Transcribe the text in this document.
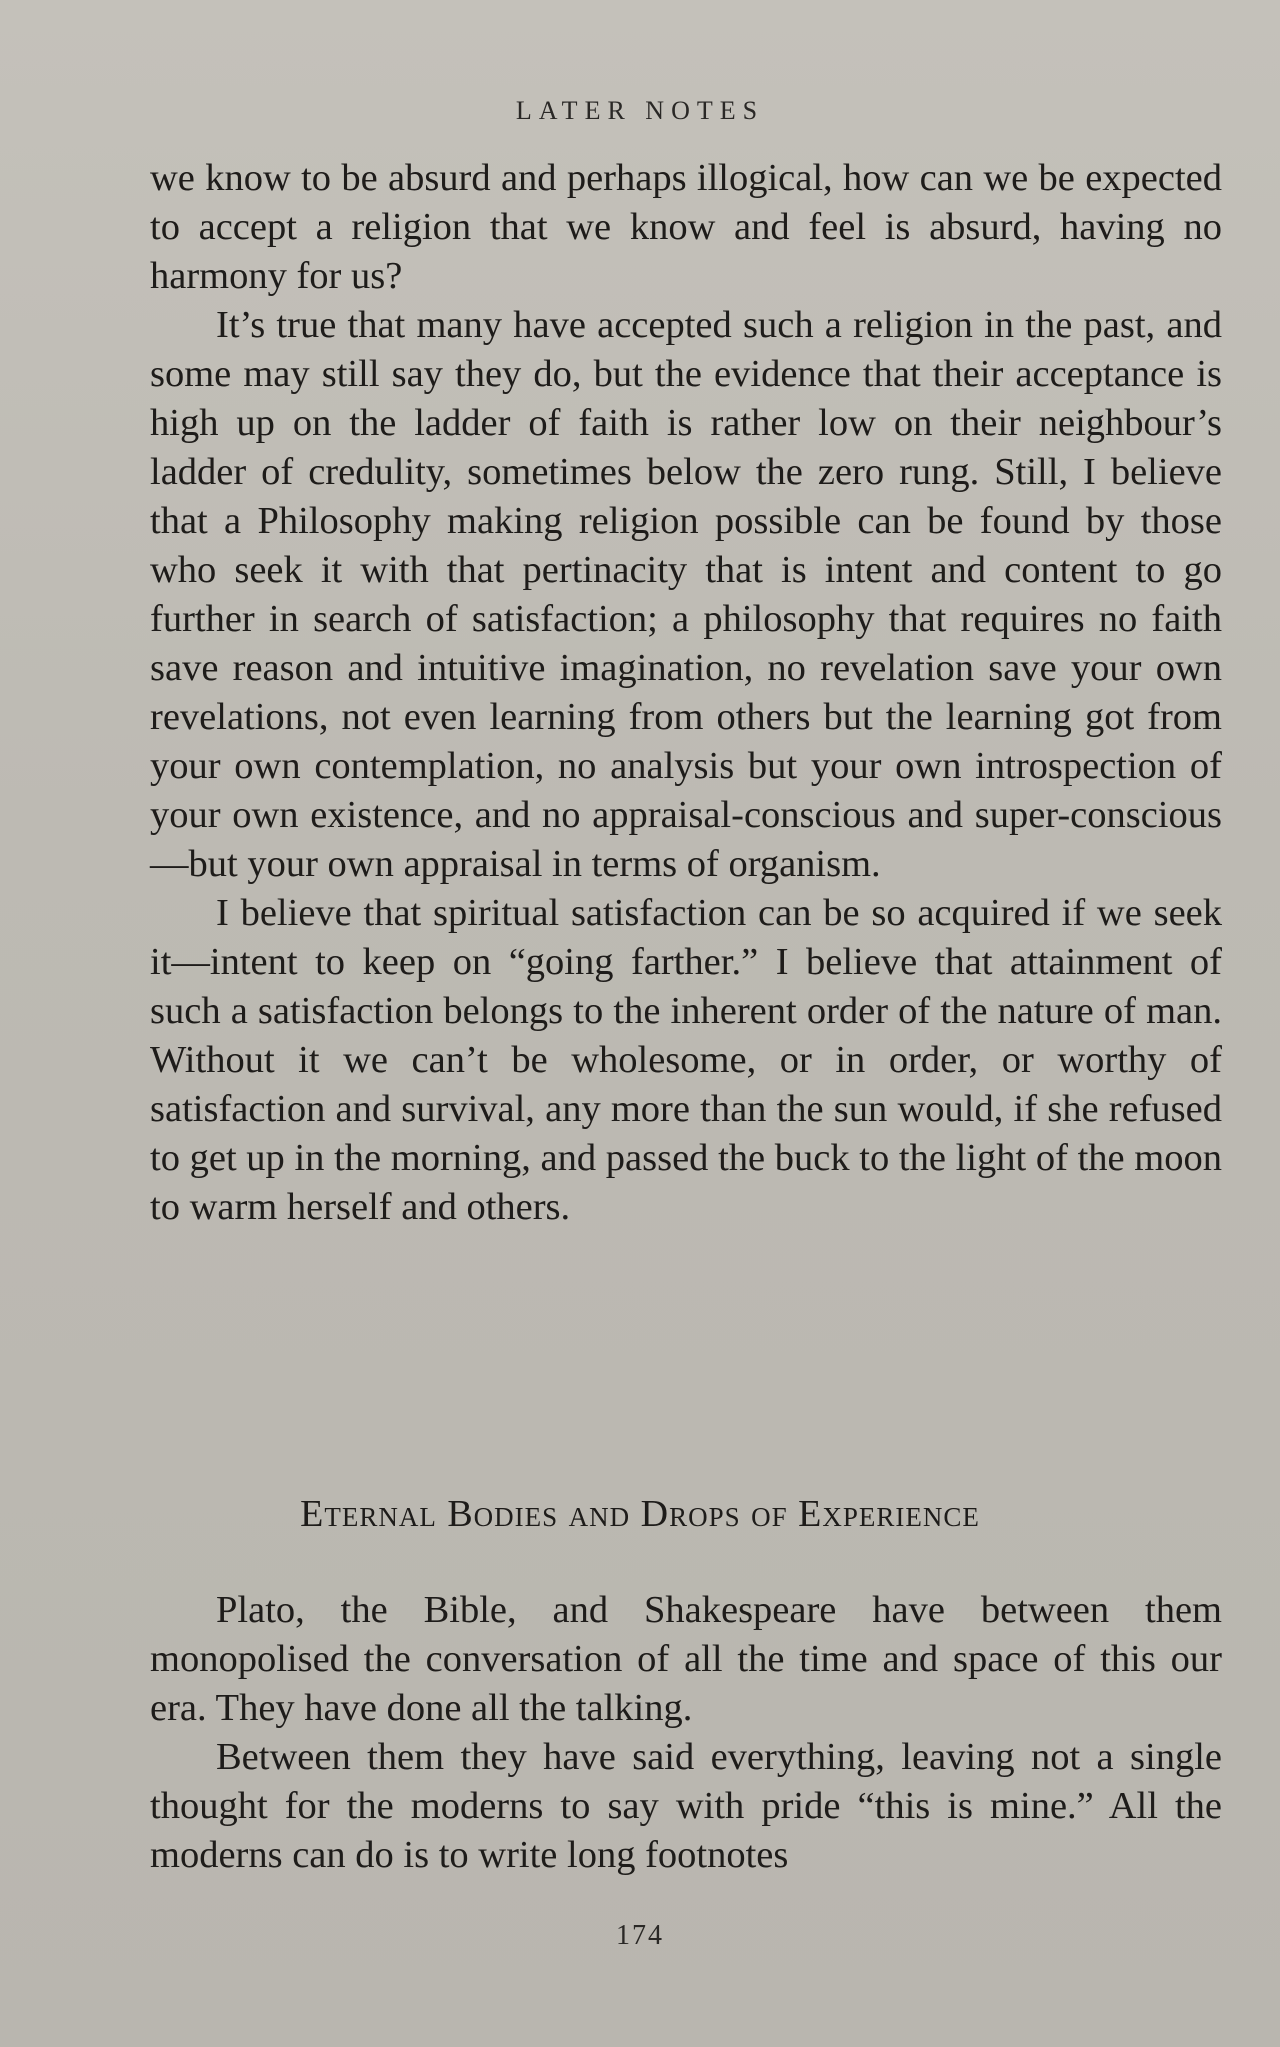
LATER NOTES

we know to be absurd and perhaps illogical, how can we be expected to accept a religion that we know and feel is absurd, having no harmony for us?

It’s true that many have accepted such a religion in the past, and some may still say they do, but the evidence that their acceptance is high up on the ladder of faith is rather low on their neighbour’s ladder of credulity, sometimes below the zero rung. Still, I believe that a Philosophy making religion possible can be found by those who seek it with that pertinacity that is intent and content to go further in search of satisfaction; a philosophy that requires no faith save reason and intuitive imagination, no revelation save your own revelations, not even learning from others but the learning got from your own contemplation, no analysis but your own introspection of your own existence, and no appraisal-conscious and super-conscious—but your own appraisal in terms of organism.

I believe that spiritual satisfaction can be so acquired if we seek it—intent to keep on “going farther.” I believe that attainment of such a satisfaction belongs to the inherent order of the nature of man. Without it we can’t be wholesome, or in order, or worthy of satisfaction and survival, any more than the sun would, if she refused to get up in the morning, and passed the buck to the light of the moon to warm herself and others.

Eternal Bodies and Drops of Experience

Plato, the Bible, and Shakespeare have between them monopolised the conversation of all the time and space of this our era. They have done all the talking.

Between them they have said everything, leaving not a single thought for the moderns to say with pride “this is mine.” All the moderns can do is to write long footnotes

174
